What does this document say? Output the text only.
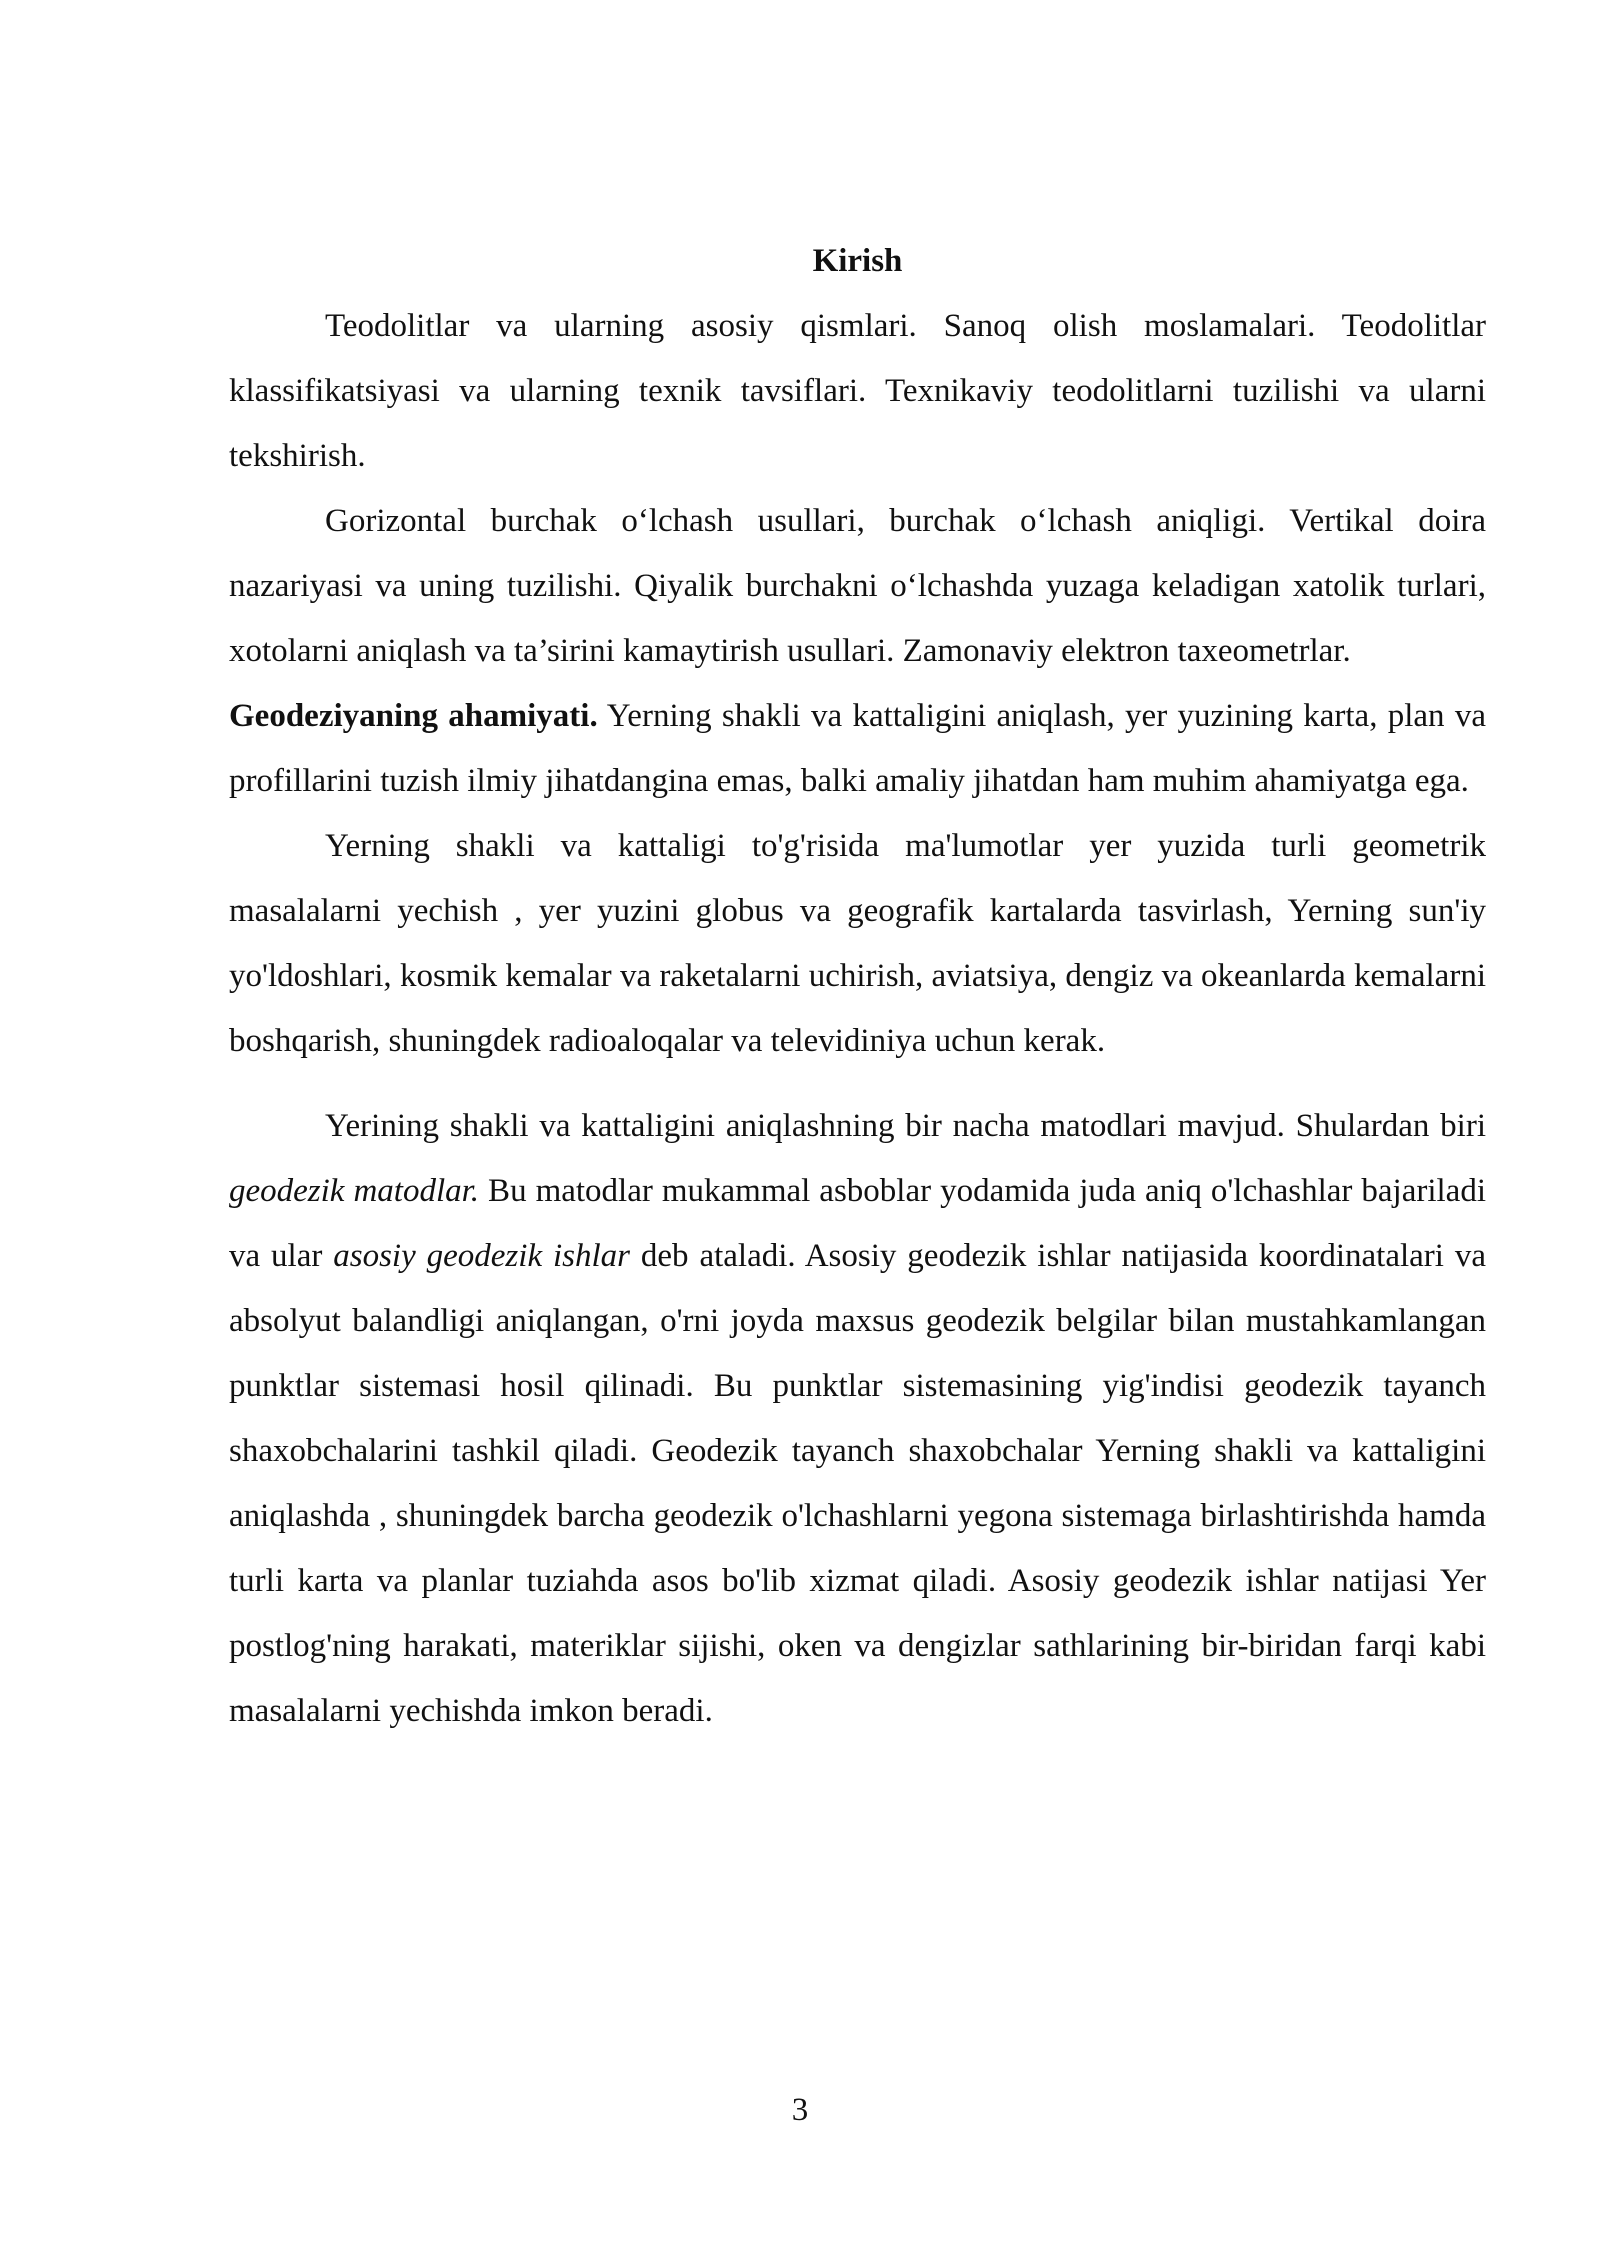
Kirish

Teodolitlar va ularning asosiy qismlari. Sanoq olish moslamalari. Teodolitlar klassifikatsiyasi va ularning texnik tavsiflari. Texnikaviy teodolitlarni tuzilishi va ularni tekshirish.

Gorizontal burchak o‘lchash usullari, burchak o‘lchash aniqligi. Vertikal doira nazariyasi va uning tuzilishi. Qiyalik burchakni o‘lchashda yuzaga keladigan xatolik turlari, xotolarni aniqlash va ta’sirini kamaytirish usullari. Zamonaviy elektron taxeometrlar.

Geodeziyaning ahamiyati. Yerning shakli va kattaligini aniqlash, yer yuzining karta, plan va profillarini tuzish ilmiy jihatdangina emas, balki amaliy jihatdan ham muhim ahamiyatga ega.

Yerning shakli va kattaligi to'g'risida ma'lumotlar yer yuzida turli geometrik masalalarni yechish , yer yuzini globus va geografik kartalarda tasvirlash, Yerning sun'iy yo'ldoshlari, kosmik kemalar va raketalarni uchirish, aviatsiya, dengiz va okeanlarda kemalarni boshqarish, shuningdek radioaloqalar va televidiniya uchun kerak.

Yerining shakli va kattaligini aniqlashning bir nacha matodlari mavjud. Shulardan biri geodezik matodlar. Bu matodlar mukammal asboblar yodamida juda aniq o'lchashlar bajariladi va ular asosiy geodezik ishlar deb ataladi. Asosiy geodezik ishlar natijasida koordinatalari va absolyut balandligi aniqlangan, o'rni joyda maxsus geodezik belgilar bilan mustahkamlangan punktlar sistemasi hosil qilinadi. Bu punktlar sistemasining yig'indisi geodezik tayanch shaxobchalarini tashkil qiladi. Geodezik tayanch shaxobchalar Yerning shakli va kattaligini aniqlashda , shuningdek barcha geodezik o'lchashlarni yegona sistemaga birlashtirishda hamda turli karta va planlar tuziahda asos bo'lib xizmat qiladi. Asosiy geodezik ishlar natijasi Yer postlog'ning harakati, materiklar sijishi, oken va dengizlar sathlarining bir-biridan farqi kabi masalalarni yechishda imkon beradi.

3
